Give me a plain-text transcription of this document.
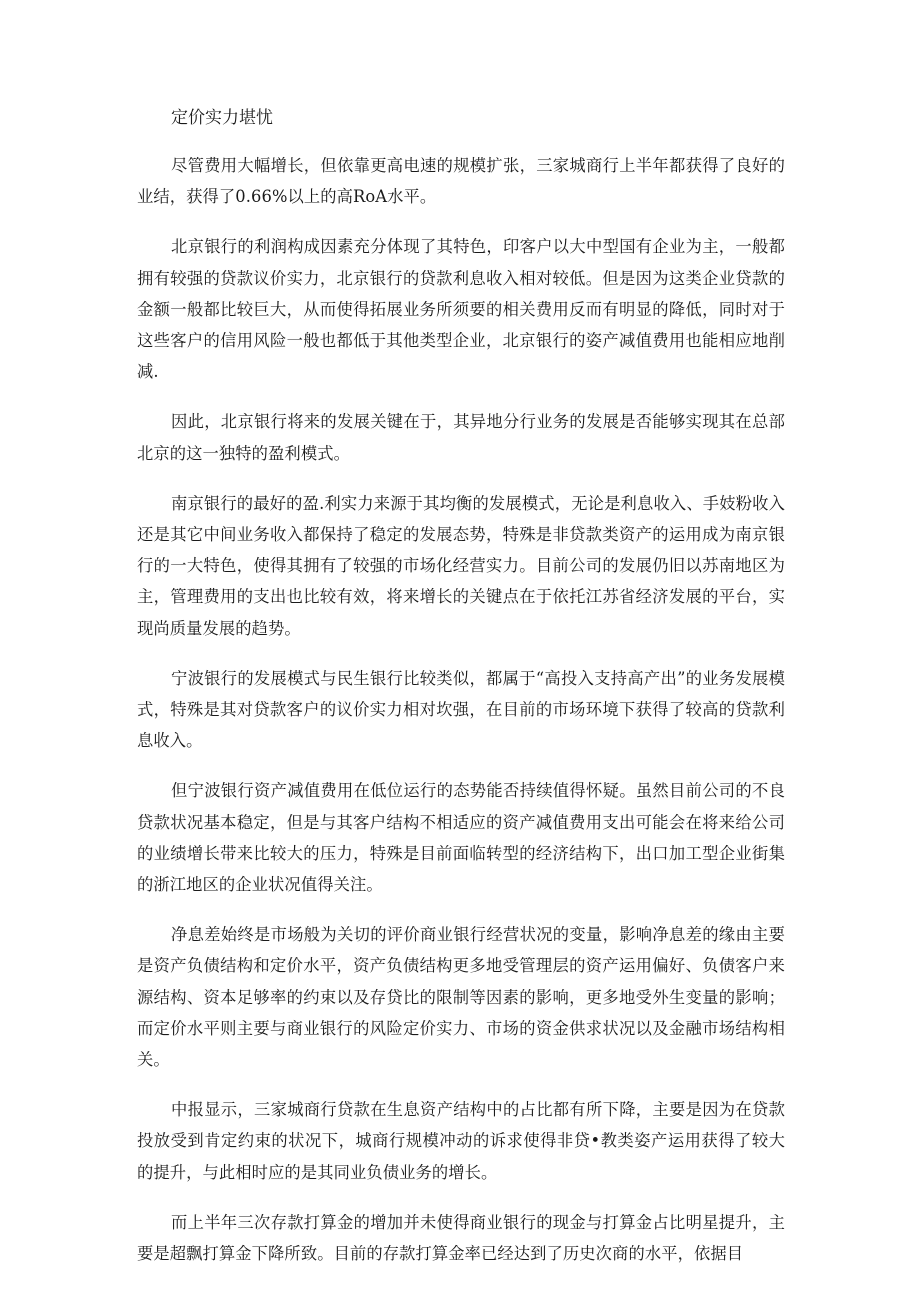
定价实力堪忧

尽管费用大幅增长，但依靠更高电速的规模扩张，三家城商行上半年都获得了良好的业结，获得了0.66%以上的高RoA水平。

北京银行的利润构成因素充分体现了其特色，印客户以大中型国有企业为主，一般都拥有较强的贷款议价实力，北京银行的贷款利息收入相对较低。但是因为这类企业贷款的金额一般都比较巨大，从而使得拓展业务所须要的相关费用反而有明显的降低，同时对于这些客户的信用风险一般也都低于其他类型企业，北京银行的姿产减值费用也能相应地削减.

因此，北京银行将来的发展关键在于，其异地分行业务的发展是否能够实现其在总部北京的这一独特的盈利模式。

南京银行的最好的盈.利实力来源于其均衡的发展模式，无论是利息收入、手妓粉收入还是其它中间业务收入都保持了稳定的发展态势，特殊是非贷款类资产的运用成为南京银行的一大特色，使得其拥有了较强的市场化经营实力。目前公司的发展仍旧以苏南地区为主，管理费用的支出也比较有效，将来增长的关键点在于依托江苏省经济发展的平台，实现尚质量发展的趋势。

宁波银行的发展模式与民生银行比较类似，都属于“高投入支持高产出”的业务发展模式，特殊是其对贷款客户的议价实力相对坎强，在目前的市场环境下获得了较高的贷款利息收入。

但宁波银行资产减值费用在低位运行的态势能否持续值得怀疑。虽然目前公司的不良贷款状况基本稳定，但是与其客户结构不相适应的资产减值费用支出可能会在将来给公司的业绩增长带来比较大的压力，特殊是目前面临转型的经济结构下，出口加工型企业街集的浙江地区的企业状况值得关注。

净息差始终是市场般为关切的评价商业银行经营状况的变量，影响净息差的缘由主要是资产负债结构和定价水平，资产负债结构更多地受管理层的资产运用偏好、负债客户来源结构、资本足够率的约束以及存贷比的限制等因素的影响，更多地受外生变量的影响；而定价水平则主要与商业银行的风险定价实力、市场的资金供求状况以及金融市场结构相关。

中报显示，三家城商行贷款在生息资产结构中的占比都有所下降，主要是因为在贷款投放受到肯定约束的状况下，城商行规模冲动的诉求使得非贷•教类姿产运用获得了较大的提升，与此相时应的是其同业负债业务的增长。

而上半年三次存款打算金的增加并未使得商业银行的现金与打算金占比明星提升，主要是超飘打算金下降所致。目前的存款打算金率已经达到了历史次商的水平，依据目
